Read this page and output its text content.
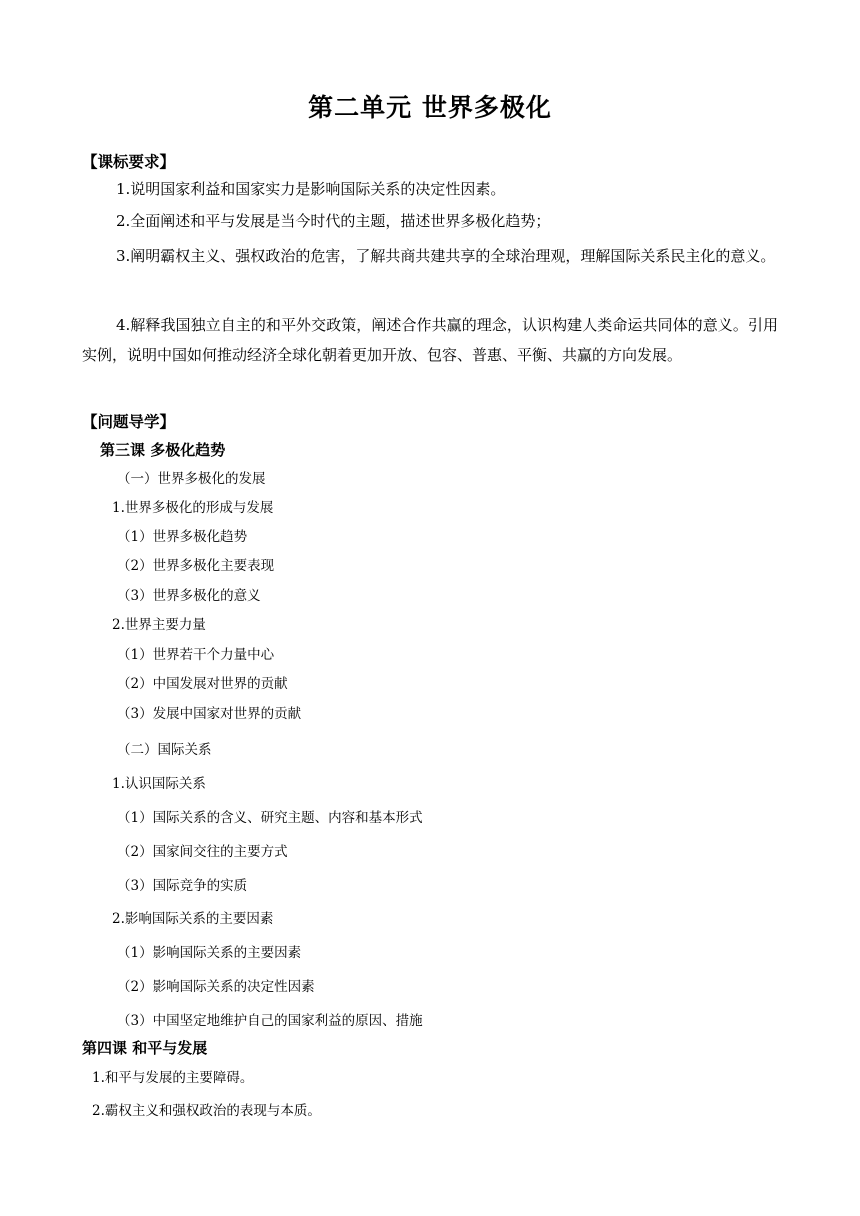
第二单元 世界多极化
【课标要求】
1.说明国家利益和国家实力是影响国际关系的决定性因素。
2.全面阐述和平与发展是当今时代的主题，描述世界多极化趋势；
3.阐明霸权主义、强权政治的危害，了解共商共建共享的全球治理观，理解国际关系民主化的意义。
4.解释我国独立自主的和平外交政策，阐述合作共赢的理念，认识构建人类命运共同体的意义。引用实例，说明中国如何推动经济全球化朝着更加开放、包容、普惠、平衡、共赢的方向发展。
【问题导学】
第三课 多极化趋势
（一）世界多极化的发展
1.世界多极化的形成与发展
（1）世界多极化趋势
（2）世界多极化主要表现
（3）世界多极化的意义
2.世界主要力量
（1）世界若干个力量中心
（2）中国发展对世界的贡献
（3）发展中国家对世界的贡献
（二）国际关系
1.认识国际关系
（1）国际关系的含义、研究主题、内容和基本形式
（2）国家间交往的主要方式
（3）国际竞争的实质
2.影响国际关系的主要因素
（1）影响国际关系的主要因素
（2）影响国际关系的决定性因素
（3）中国坚定地维护自己的国家利益的原因、措施
第四课 和平与发展
1.和平与发展的主要障碍。
2.霸权主义和强权政治的表现与本质。
